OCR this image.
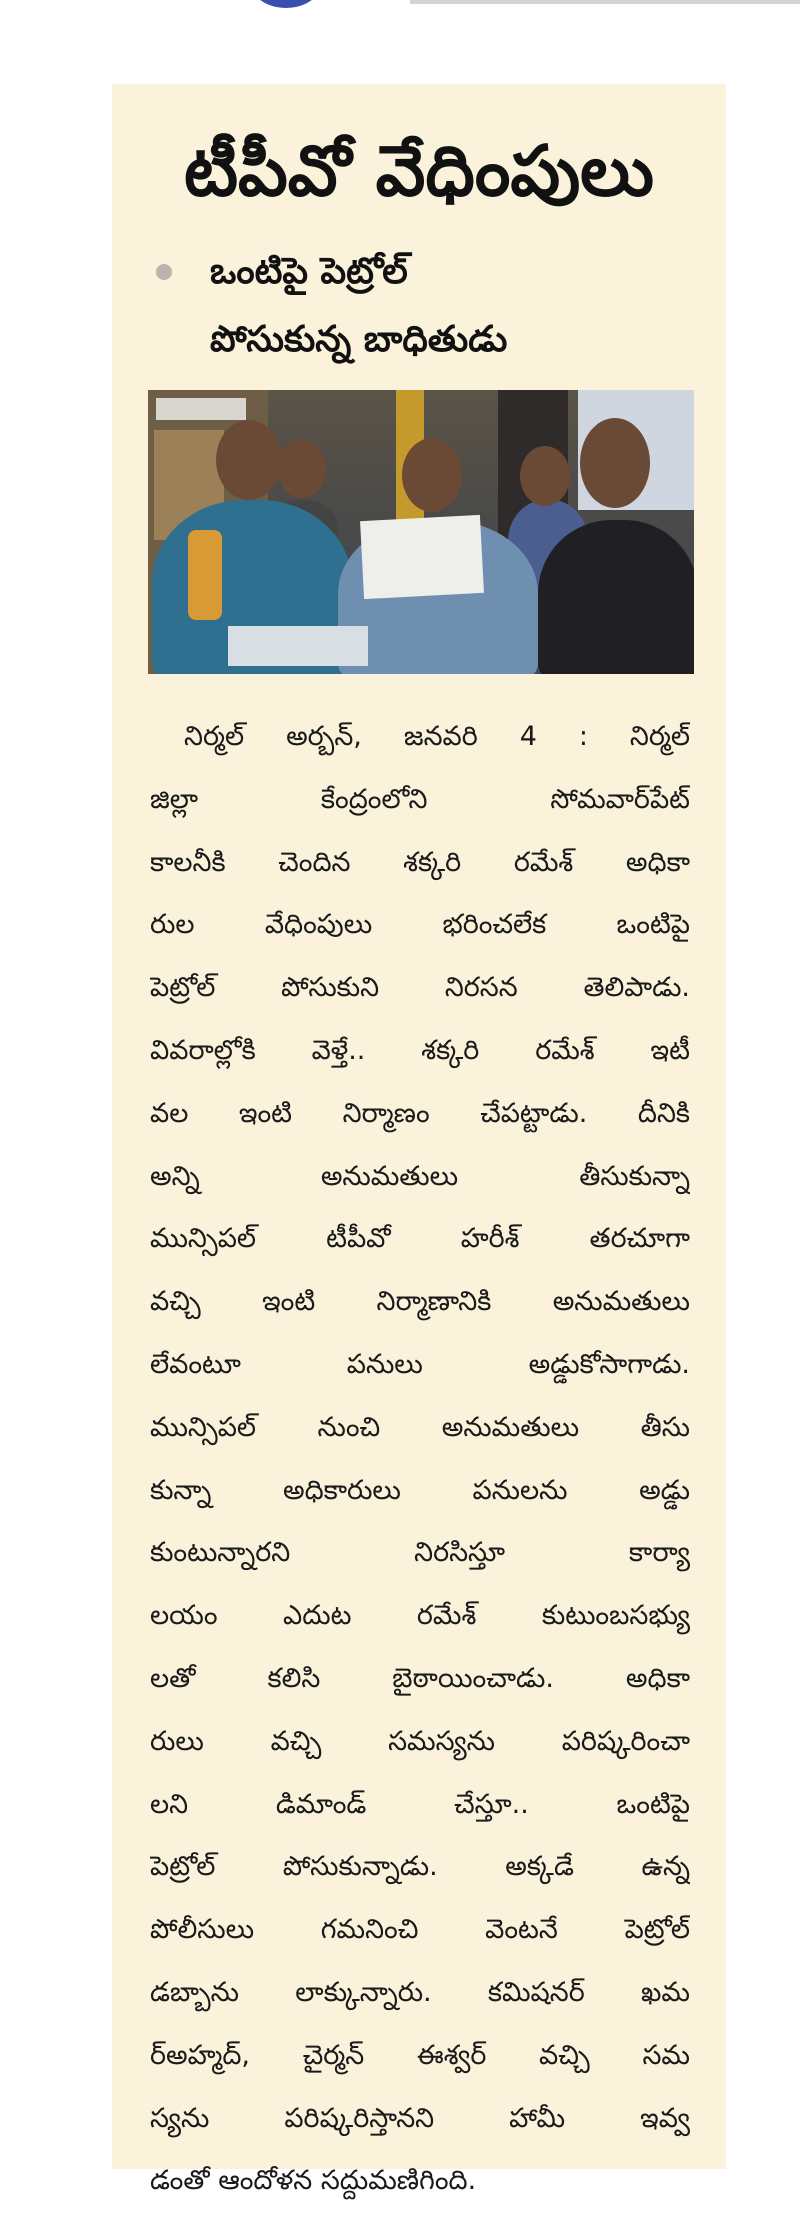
టీపీవో వేధింపులు
ఒంటిపై పెట్రోల్
పోసుకున్న బాధితుడు
నిర్మల్ అర్బన్, జనవరి 4 : నిర్మల్
జిల్లా కేంద్రంలోని సోమవార్‌పేట్
కాలనీకి చెందిన శక్కరి రమేశ్ అధికా
రుల వేధింపులు భరించలేక ఒంటిపై
పెట్రోల్ పోసుకుని నిరసన తెలిపాడు.
వివరాల్లోకి వెళ్తే.. శక్కరి రమేశ్ ఇటీ
వల ఇంటి నిర్మాణం చేపట్టాడు. దీనికి
అన్ని అనుమతులు తీసుకున్నా
మున్సిపల్ టీపీవో హరీశ్ తరచూగా
వచ్చి ఇంటి నిర్మాణానికి అనుమతులు
లేవంటూ పనులు అడ్డుకోసాగాడు.
మున్సిపల్ నుంచి అనుమతులు తీసు
కున్నా అధికారులు పనులను అడ్డు
కుంటున్నారని నిరసిస్తూ కార్యా
లయం ఎదుట రమేశ్ కుటుంబసభ్యు
లతో కలిసి బైఠాయించాడు. అధికా
రులు వచ్చి సమస్యను పరిష్కరించా
లని డిమాండ్ చేస్తూ.. ఒంటిపై
పెట్రోల్ పోసుకున్నాడు. అక్కడే ఉన్న
పోలీసులు గమనించి వెంటనే పెట్రోల్
డబ్బాను లాక్కున్నారు. కమిషనర్ ఖమ
ర్‌అహ్మద్, చైర్మన్ ఈశ్వర్ వచ్చి సమ
స్యను పరిష్కరిస్తానని హామీ ఇవ్వ
డంతో ఆందోళన సద్దుమణిగింది.
